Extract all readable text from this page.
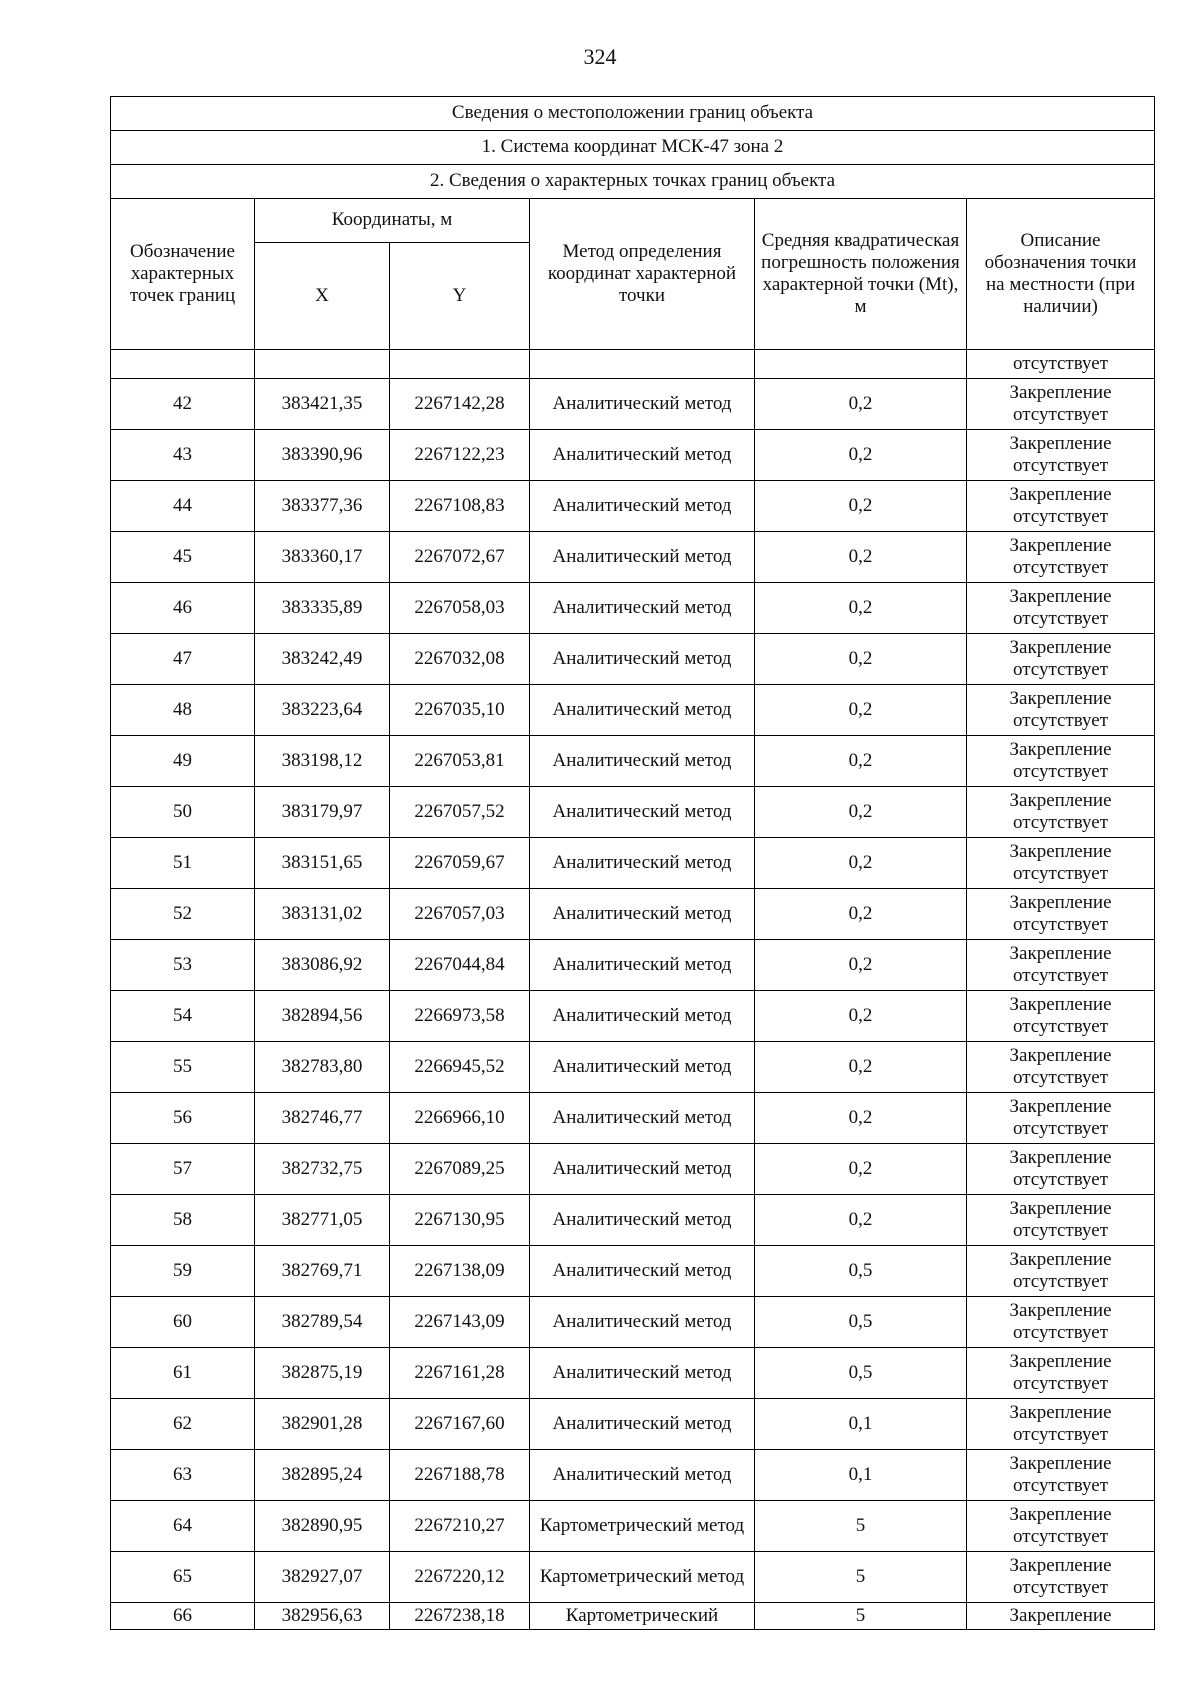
324
Сведения о местоположении границ объекта					
1. Система координат МСК-47 зона 2					
2. Сведения о характерных точках границ объекта					
Обозначение характерных точек границ	Координаты, м		Метод определения координат характерной точки	Средняя квадратическая погрешность положения характерной точки (Mt), м	Описание обозначения точки на местности (при наличии)
	X	Y			
					отсутствует
42	383421,35	2267142,28	Аналитический метод	0,2	Закрепление отсутствует
43	383390,96	2267122,23	Аналитический метод	0,2	Закрепление отсутствует
44	383377,36	2267108,83	Аналитический метод	0,2	Закрепление отсутствует
45	383360,17	2267072,67	Аналитический метод	0,2	Закрепление отсутствует
46	383335,89	2267058,03	Аналитический метод	0,2	Закрепление отсутствует
47	383242,49	2267032,08	Аналитический метод	0,2	Закрепление отсутствует
48	383223,64	2267035,10	Аналитический метод	0,2	Закрепление отсутствует
49	383198,12	2267053,81	Аналитический метод	0,2	Закрепление отсутствует
50	383179,97	2267057,52	Аналитический метод	0,2	Закрепление отсутствует
51	383151,65	2267059,67	Аналитический метод	0,2	Закрепление отсутствует
52	383131,02	2267057,03	Аналитический метод	0,2	Закрепление отсутствует
53	383086,92	2267044,84	Аналитический метод	0,2	Закрепление отсутствует
54	382894,56	2266973,58	Аналитический метод	0,2	Закрепление отсутствует
55	382783,80	2266945,52	Аналитический метод	0,2	Закрепление отсутствует
56	382746,77	2266966,10	Аналитический метод	0,2	Закрепление отсутствует
57	382732,75	2267089,25	Аналитический метод	0,2	Закрепление отсутствует
58	382771,05	2267130,95	Аналитический метод	0,2	Закрепление отсутствует
59	382769,71	2267138,09	Аналитический метод	0,5	Закрепление отсутствует
60	382789,54	2267143,09	Аналитический метод	0,5	Закрепление отсутствует
61	382875,19	2267161,28	Аналитический метод	0,5	Закрепление отсутствует
62	382901,28	2267167,60	Аналитический метод	0,1	Закрепление отсутствует
63	382895,24	2267188,78	Аналитический метод	0,1	Закрепление отсутствует
64	382890,95	2267210,27	Картометрический метод	5	Закрепление отсутствует
65	382927,07	2267220,12	Картометрический метод	5	Закрепление отсутствует
66	382956,63	2267238,18	Картометрический	5	Закрепление
